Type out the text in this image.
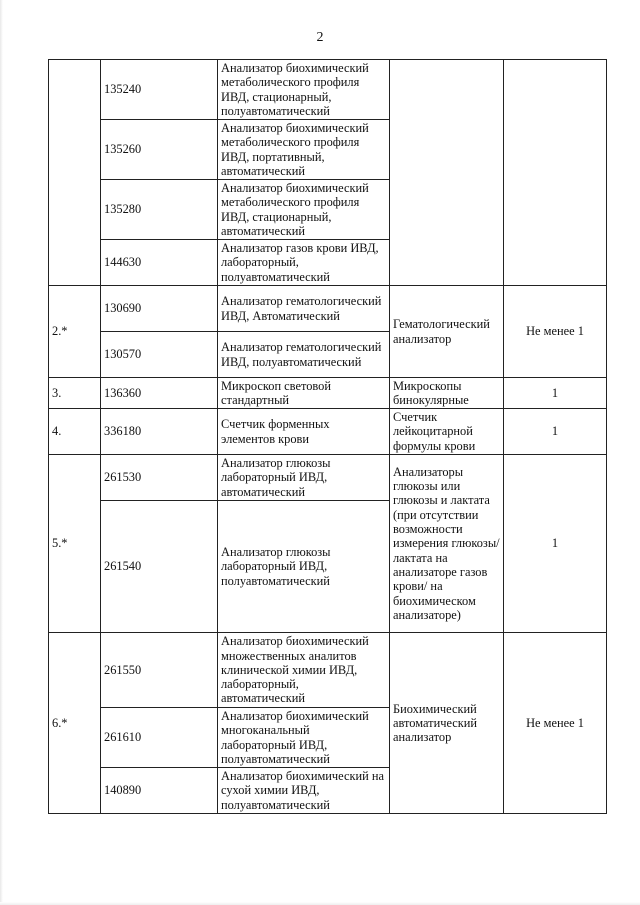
2
	135240	Анализатор биохимический метаболического профиля ИВД, стационарный, полуавтоматический		
	135260	Анализатор биохимический метаболического профиля ИВД, портативный, автоматический		
	135280	Анализатор биохимический метаболического профиля ИВД, стационарный, автоматический		
	144630	Анализатор газов крови ИВД, лабораторный, полуавтоматический		
2.*	130690	Анализатор гематологический ИВД, Автоматический	Гематологический анализатор	Не менее 1
	130570	Анализатор гематологический ИВД, полуавтоматический		
3.	136360	Микроскоп световой стандартный	Микроскопы бинокулярные	1
4.	336180	Счетчик форменных элементов крови	Счетчик лейкоцитарной формулы крови	1
5.*	261530	Анализатор глюкозы лабораторный ИВД, автоматический	Анализаторы глюкозы или глюкозы и лактата (при отсутствии возможности измерения глюкозы/лактата на анализаторе газов крови/ на биохимическом анализаторе)	1
	261540	Анализатор глюкозы лабораторный ИВД, полуавтоматический		
6.*	261550	Анализатор биохимический множественных аналитов клинической химии ИВД, лабораторный, автоматический	Биохимический автоматический анализатор	Не менее 1
	261610	Анализатор биохимический многоканальный лабораторный ИВД, полуавтоматический		
	140890	Анализатор биохимический на сухой химии ИВД, полуавтоматический		
